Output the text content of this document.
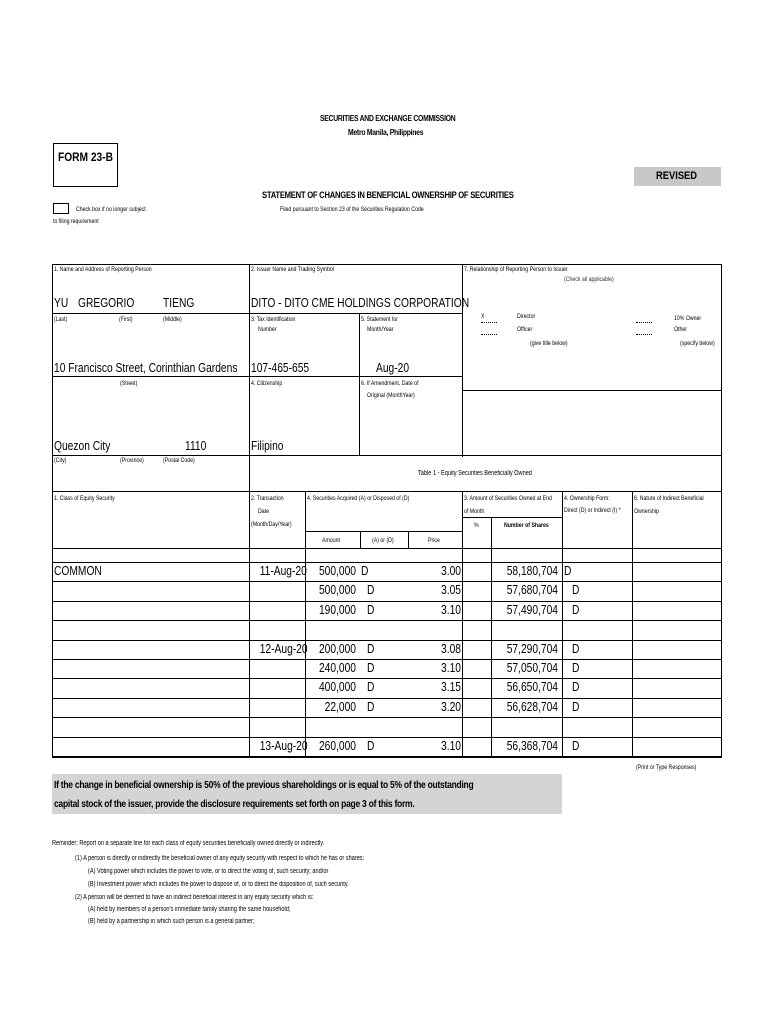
SECURITIES AND EXCHANGE COMMISSION
Metro Manila, Philippines
FORM 23-B
REVISED
STATEMENT OF CHANGES IN BENEFICIAL OWNERSHIP OF SECURITIES
Filed pursuant to Section 23 of the Securities Regulation Code
Check box if no longer subject
to filing requirement
1. Name and Address of Reporting Person
YU GREGORIO TIENG
(Last)	(First)	(Middle)
10 Francisco Street, Corinthian Gardens
(Street)
Quezon City	1110
(City)	(Province)	(Postal Code)
2. Issuer Name and Trading Symbol
DITO - DITO CME HOLDINGS CORPORATION
3. Tax Identification
Number
107-465-655
5. Statement for
Month/Year
Aug-20
4. Citizenship
Filipino
6. If Amendment, Date of
Original (MonthYear)
7. Relationship of Reporting Person to Issuer
(Check all applicable)
X	Director
Officer
(give title below)
10% Owner
Other
(specify below)
Table 1 - Equity Securities Beneficially Owned
1. Class of Equity Security	2. Transaction
Date
(Month/Day/Year)
4. Securities Acquired (A) or Disposed of (D)
Amount	(A) or (D)	Price
3. Amount of Securities Owned at End
of Month
%	Number of Shares
4. Ownership Form:
Direct (D) or Indirect (I) *
6. Nature of Indirect Beneficial
Ownership
COMMON	11-Aug-20 500,000 D	3.00	58,180,704 D
500,000 D	3.05	57,680,704 D
190,000 D	3.10	57,490,704 D
12-Aug-20 200,000 D	3.08	57,290,704 D
240,000 D	3.10	57,050,704 D
400,000 D	3.15	56,650,704 D
22,000 D	3.20	56,628,704 D
13-Aug-20 260,000 D	3.10	56,368,704 D
(Print or Type Responses)
If the change in beneficial ownership is 50% of the previous shareholdings or is equal to 5% of the outstanding
capital stock of the issuer, provide the disclosure requirements set forth on page 3 of this form.
Reminder: Report on a separate line for each class of equity securities beneficially owned directly or indirectly.
(1) A person is directly or indirectly the beneficial owner of any equity security with respect to which he has or shares:
(A) Voting power which includes the power to vote, or to direct the voting of, such security; and/or
(B) Investment power which includes the power to dispose of, or to direct the disposition of, such security.
(2) A person will be deemed to have an indirect beneficial interest in any equity security which is:
(A) held by members of a person's immediate family sharing the same household;
(B) held by a partnership in which such person is a general partner;
